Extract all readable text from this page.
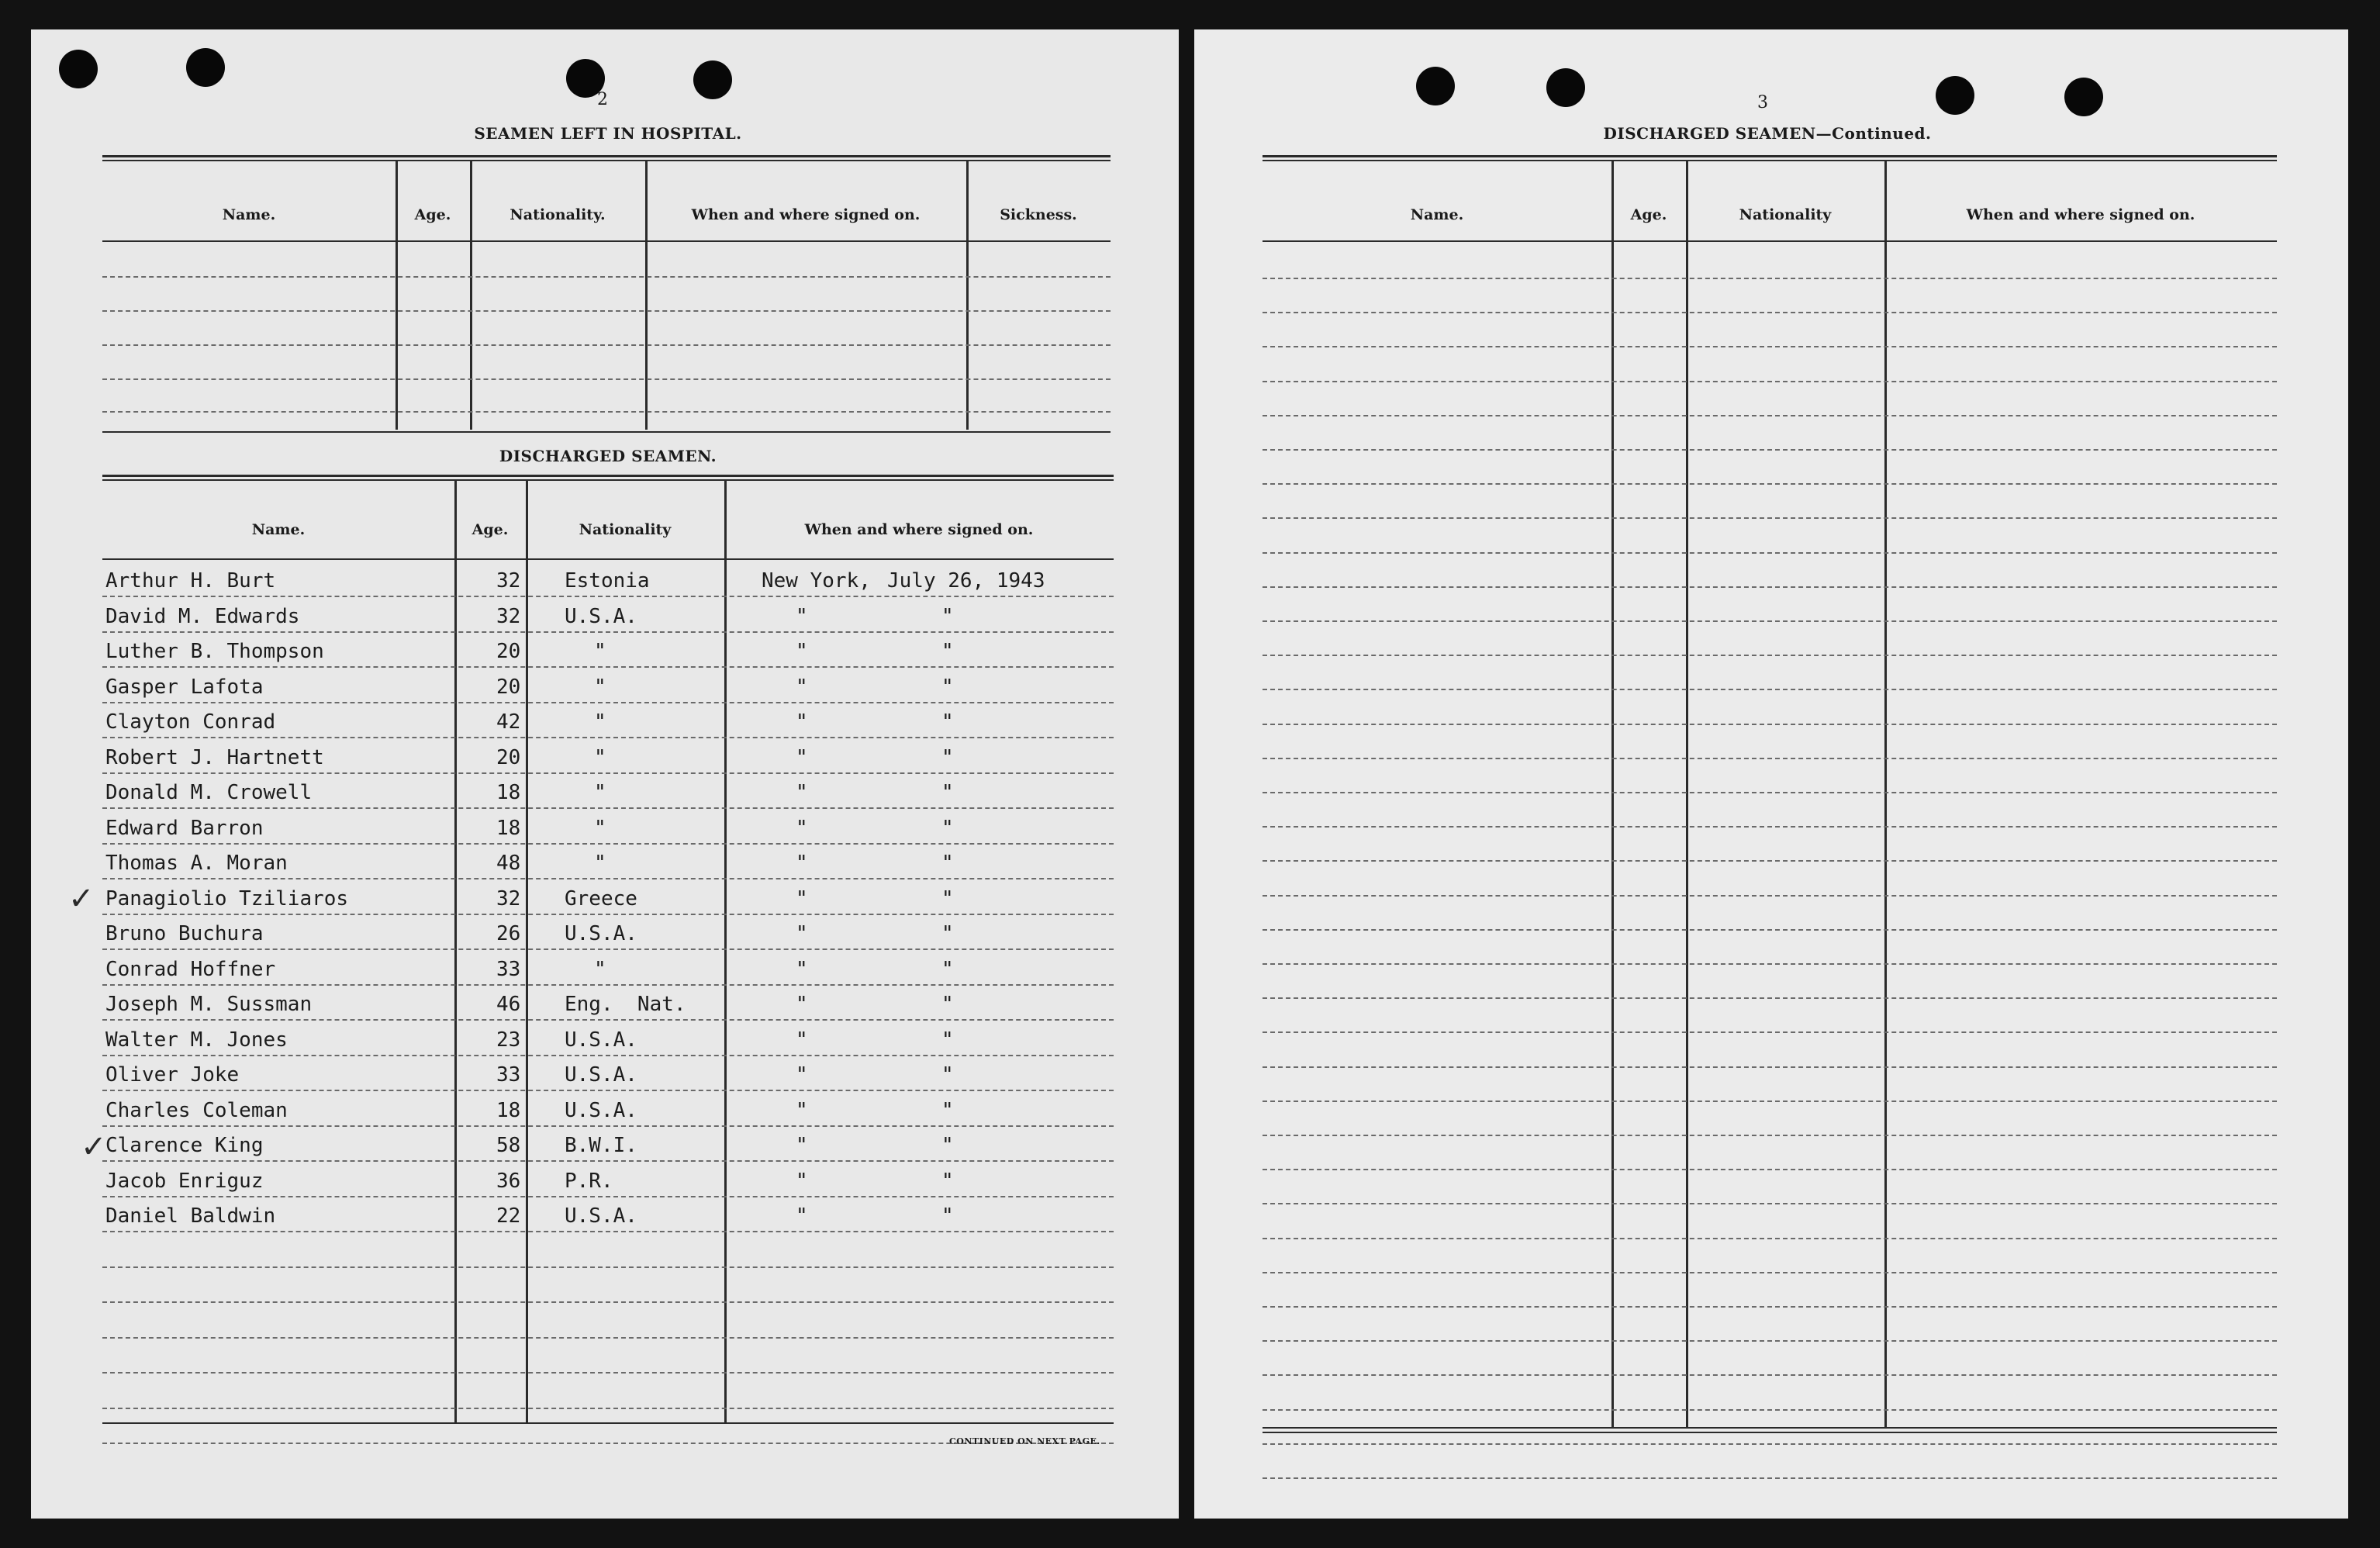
2
SEAMEN LEFT IN HOSPITAL.
Name.	Age.	Nationality.	When and where signed on.	Sickness.
DISCHARGED SEAMEN.
Name.	Age.	Nationality	When and where signed on.
Arthur H. Burt	32 Estonia	New York, July 26, 1943
David M. Edwards	32 U.S.A.	"	"
Luther B. Thompson	20	"	"	"
Gasper Lafota	20	"	"	"
Clayton Conrad	42	"	"	"
Robert J. Hartnett	20	"	"	"
Donald M. Crowell	18	"	"	"
Edward Barron	18	"	"	"
Thomas A. Moran	48	"	"	"
Panagiolio Tziliaros	32 Greece	"	"
Bruno Buchura	26 U.S.A.	"	"
Conrad Hoffner	33	"	"	"
Joseph M. Sussman	46 Eng.  Nat.	"	"
Walter M. Jones	23 U.S.A.	"	"
Oliver Joke	33 U.S.A.	"	"
Charles Coleman	18 U.S.A.	"	"
Clarence King	58 B.W.I.	"	"
Jacob Enriguz	36 P.R.	"	"
Daniel Baldwin	22 U.S.A.	"	"
CONTINUED ON NEXT PAGE.
✓
✓
3
DISCHARGED SEAMEN—Continued.
Name.	Age.	Nationality	When and where signed on.
